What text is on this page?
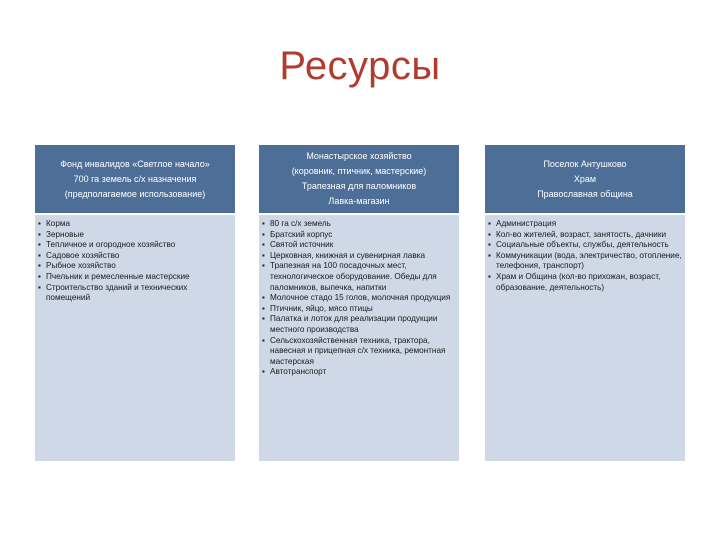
Ресурсы
Фонд инвалидов «Светлое начало»
700 га земель с/х назначения
(предполагаемое использование)
▪ Корма
▪ Зерновые
▪ Тепличное и огородное хозяйство
▪ Садовое хозяйство
▪ Рыбное хозяйство
▪ Пчельник и ремесленные мастерские
▪ Строительство зданий и технических помещений
Монастырское хозяйство
(коровник, птичник, мастерские)
Трапезная для паломников
Лавка-магазин
▪ 80 га с/х земель
▪ Братский корпус
▪ Святой источник
▪ Церковная, книжная и сувенирная лавка
▪ Трапезная на 100 посадочных мест, технологическое оборудование. Обеды для паломников, выпечка, напитки
▪ Молочное стадо 15 голов, молочная продукция
▪ Птичник, яйцо, мясо птицы
▪ Палатка и лоток для реализации продукции местного производства
▪ Сельскохозяйственная техника, трактора, навесная и прицепная с/х техника, ремонтная мастерская
▪ Автотранспорт
Поселок Антушково
Храм
Православная община
▪ Администрация
▪ Кол-во жителей, возраст, занятость, дачники
▪ Социальные объекты, службы, деятельность
▪ Коммуникации (вода, электричество, отопление, телефония, транспорт)
▪ Храм и Община (кол-во прихожан, возраст, образование, деятельность)
